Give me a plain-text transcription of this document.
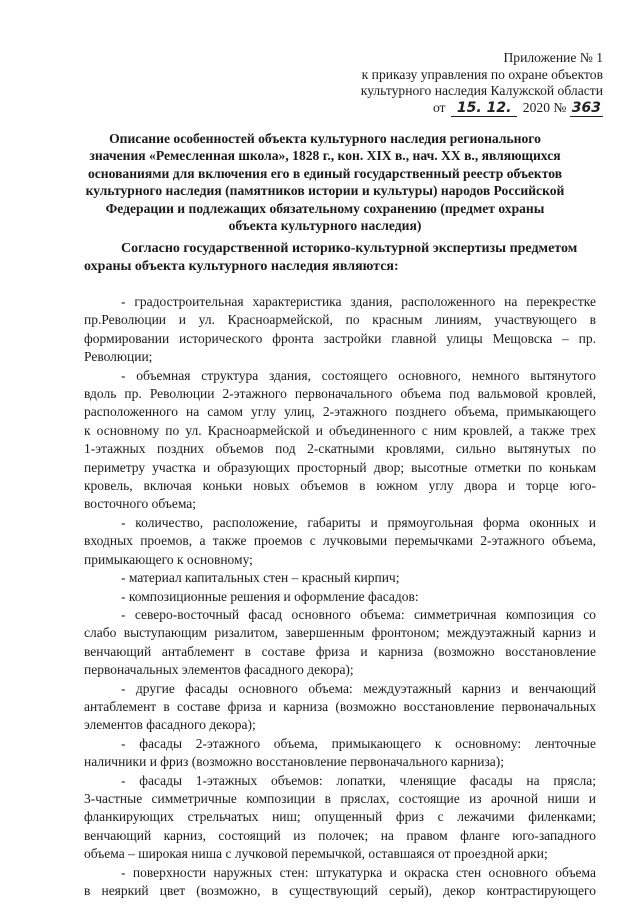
Приложение № 1
к приказу управления по охране объектов
культурного наследия Калужской области
от 15. 12. 2020 № 363
Описание особенностей объекта культурного наследия регионального
значения «Ремесленная школа», 1828 г., кон. XIX в., нач. XX в., являющихся
основаниями для включения его в единый государственный реестр объектов
культурного наследия (памятников истории и культуры) народов Российской
Федерации и подлежащих обязательному сохранению (предмет охраны
объекта культурного наследия)
Согласно государственной историко-культурной экспертизы предметом
охраны объекта культурного наследия являются:
- градостроительная характеристика здания, расположенного на перекрестке
пр.Революции и ул. Красноармейской, по красным линиям, участвующего в
формировании исторического фронта застройки главной улицы Мещовска – пр.
Революции;
- объемная структура здания, состоящего основного, немного вытянутого
вдоль пр. Революции 2-этажного первоначального объема под вальмовой кровлей,
расположенного на самом углу улиц, 2-этажного позднего объема, примыкающего
к основному по ул. Красноармейской и объединенного с ним кровлей, а также трех
1-этажных поздних объемов под 2-скатными кровлями, сильно вытянутых по
периметру участка и образующих просторный двор; высотные отметки по конькам
кровель, включая коньки новых объемов в южном углу двора и торце юго-
восточного объема;
- количество, расположение, габариты и прямоугольная форма оконных и
входных проемов, а также проемов с лучковыми перемычками 2-этажного объема,
примыкающего к основному;
- материал капитальных стен – красный кирпич;
- композиционные решения и оформление фасадов:
- северо-восточный фасад основного объема: симметричная композиция со
слабо выступающим ризалитом, завершенным фронтоном; междуэтажный карниз и
венчающий антаблемент в составе фриза и карниза (возможно восстановление
первоначальных элементов фасадного декора);
- другие фасады основного объема: междуэтажный карниз и венчающий
антаблемент в составе фриза и карниза (возможно восстановление первоначальных
элементов фасадного декора);
- фасады 2-этажного объема, примыкающего к основному: ленточные
наличники и фриз (возможно восстановление первоначального карниза);
- фасады 1-этажных объемов: лопатки, членящие фасады на прясла;
3-частные симметричные композиции в пряслах, состоящие из арочной ниши и
фланкирующих стрельчатых ниш; опущенный фриз с лежачими филенками;
венчающий карниз, состоящий из полочек; на правом фланге юго-западного
объема – широкая ниша с лучковой перемычкой, оставшаяся от проездной арки;
- поверхности наружных стен: штукатурка и окраска стен основного объема
в неяркий цвет (возможно, в существующий серый), декор контрастирующего
